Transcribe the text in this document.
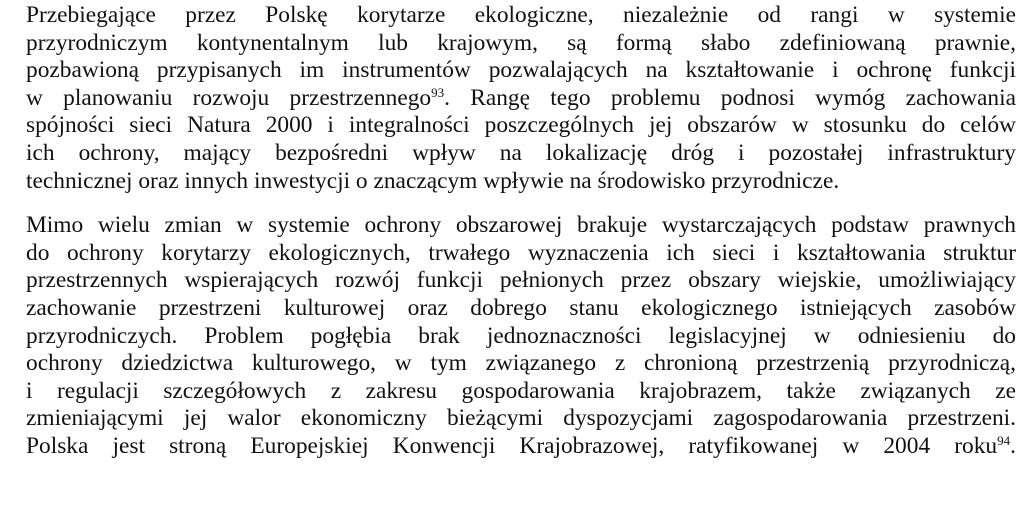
Przebiegające przez Polskę korytarze ekologiczne, niezależnie od rangi w systemie
przyrodniczym kontynentalnym lub krajowym, są formą słabo zdefiniowaną prawnie,
pozbawioną przypisanych im instrumentów pozwalających na kształtowanie i ochronę funkcji
w planowaniu rozwoju przestrzennego$^{93}$. Rangę tego problemu podnosi wymóg zachowania
spójności sieci Natura 2000 i integralności poszczególnych jej obszarów w stosunku do celów
ich ochrony, mający bezpośredni wpływ na lokalizację dróg i pozostałej infrastruktury
technicznej oraz innych inwestycji o znaczącym wpływie na środowisko przyrodnicze.
Mimo wielu zmian w systemie ochrony obszarowej brakuje wystarczających podstaw prawnych
do ochrony korytarzy ekologicznych, trwałego wyznaczenia ich sieci i kształtowania struktur
przestrzennych wspierających rozwój funkcji pełnionych przez obszary wiejskie, umożliwiający
zachowanie przestrzeni kulturowej oraz dobrego stanu ekologicznego istniejących zasobów
przyrodniczych. Problem pogłębia brak jednoznaczności legislacyjnej w odniesieniu do
ochrony dziedzictwa kulturowego, w tym związanego z chronioną przestrzenią przyrodniczą,
i regulacji szczegółowych z zakresu gospodarowania krajobrazem, także związanych ze
zmieniającymi jej walor ekonomiczny bieżącymi dyspozycjami zagospodarowania przestrzeni.
Polska jest stroną Europejskiej Konwencji Krajobrazowej, ratyfikowanej w 2004 roku$^{94}$.
